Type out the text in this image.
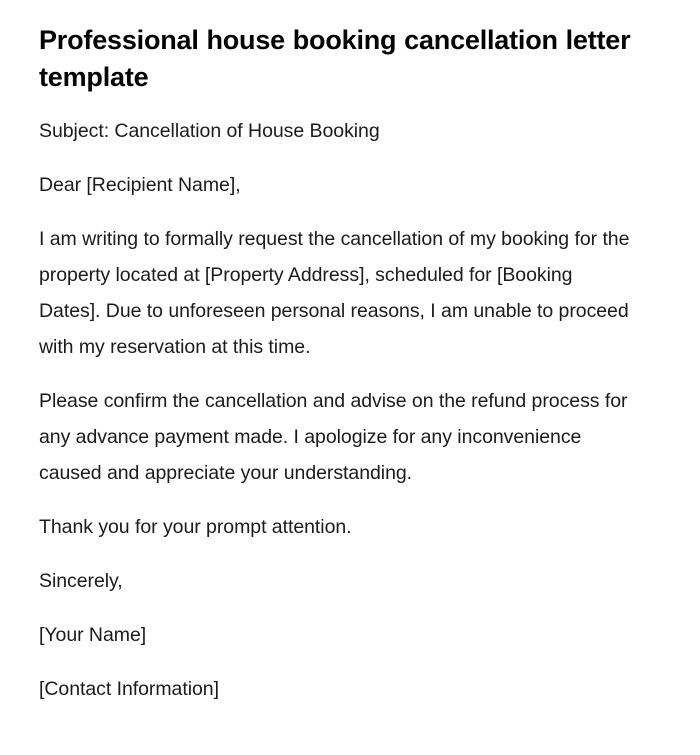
Professional house booking cancellation letter template

Subject: Cancellation of House Booking

Dear [Recipient Name],

I am writing to formally request the cancellation of my booking for the property located at [Property Address], scheduled for [Booking Dates]. Due to unforeseen personal reasons, I am unable to proceed with my reservation at this time.

Please confirm the cancellation and advise on the refund process for any advance payment made. I apologize for any inconvenience caused and appreciate your understanding.

Thank you for your prompt attention.

Sincerely,

[Your Name]

[Contact Information]
